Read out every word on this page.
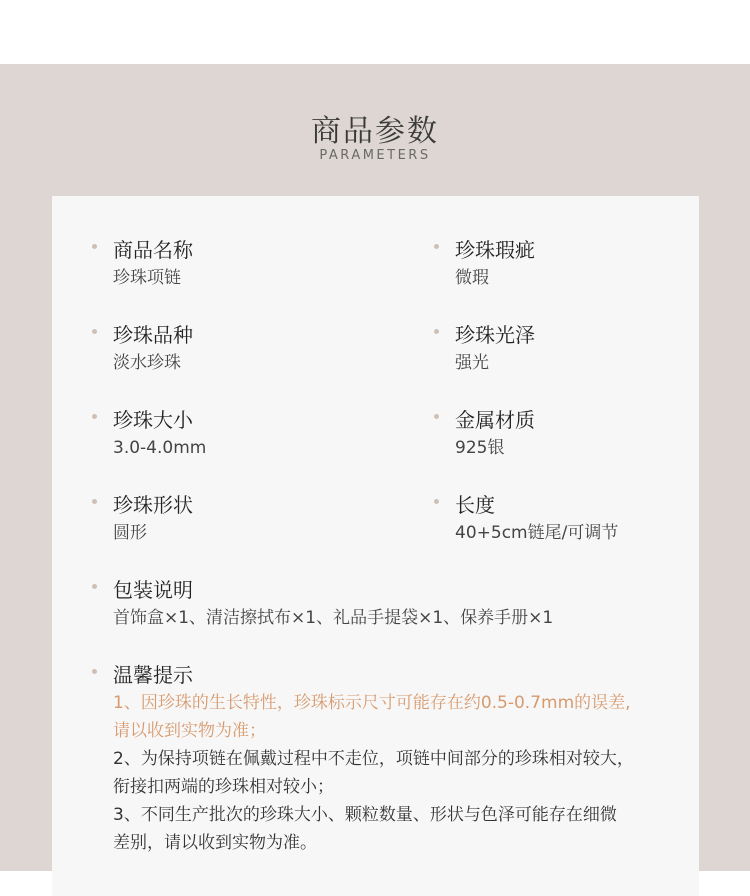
商品参数
PARAMETERS
商品名称
珍珠项链
珍珠品种
淡水珍珠
珍珠大小
3.0-4.0mm
珍珠形状
圆形
珍珠瑕疵
微瑕
珍珠光泽
强光
金属材质
925银
长度
40+5cm链尾/可调节
包装说明
首饰盒×1、清洁擦拭布×1、礼品手提袋×1、保养手册×1
温馨提示
1、因珍珠的生长特性，珍珠标示尺寸可能存在约0.5-0.7mm的误差,
请以收到实物为准；
2、为保持项链在佩戴过程中不走位，项链中间部分的珍珠相对较大，
衔接扣两端的珍珠相对较小；
3、不同生产批次的珍珠大小、颗粒数量、形状与色泽可能存在细微
差别，请以收到实物为准。
